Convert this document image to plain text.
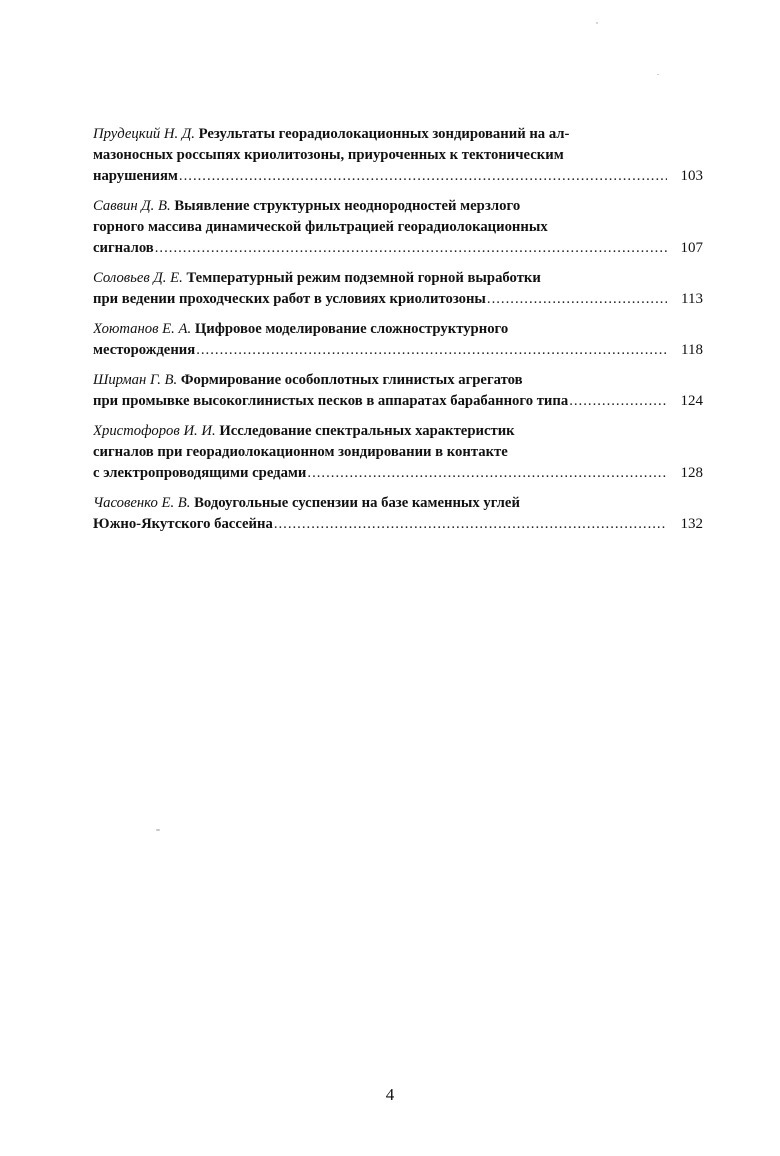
Прудецкий Н. Д. Результаты георадиолокационных зондирований на ал-
мазоносных россыпях криолитозоны, приуроченных к тектоническим
нарушениям .....	103
Саввин Д. В. Выявление структурных неоднородностей мерзлого
горного массива динамической фильтрацией георадиолокационных
сигналов .....	107
Соловьев Д. Е. Температурный режим подземной горной выработки
при ведении проходческих работ в условиях криолитозоны .....	113
Хоютанов Е. А. Цифровое моделирование сложноструктурного
месторождения .....	118
Ширман Г. В. Формирование особоплотных глинистых агрегатов
при промывке высокоглинистых песков в аппаратах барабанного типа .....	124
Христофоров И. И. Исследование спектральных характеристик
сигналов при георадиолокационном зондировании в контакте
с электропроводящими средами .....	128
Часовенко Е. В. Водоугольные суспензии на базе каменных углей
Южно-Якутского бассейна .....	132
4
